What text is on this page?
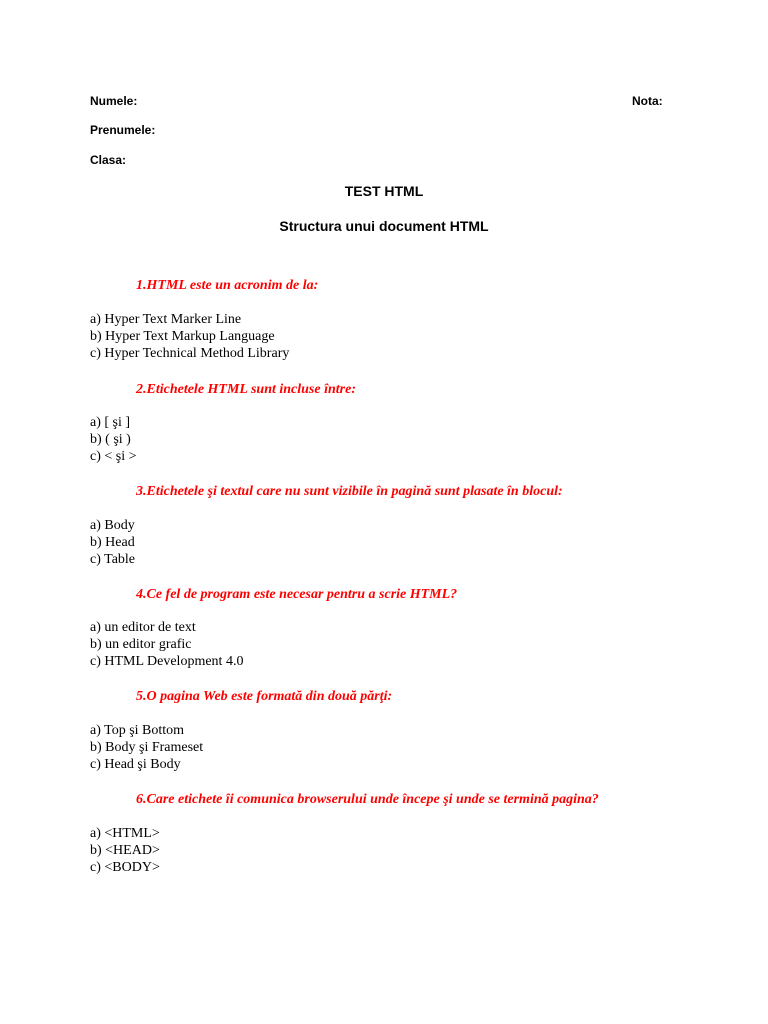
Numele:	Nota:
Prenumele:
Clasa:
TEST HTML
Structura unui document HTML
1.HTML este un acronim de la:
a) Hyper Text Marker Line
b) Hyper Text Markup Language
c) Hyper Technical Method Library
2.Etichetele HTML sunt incluse între:
a) [ şi ]
b) ( şi )
c) < şi >
3.Etichetele şi textul care nu sunt vizibile în pagină sunt plasate în blocul:
a) Body
b) Head
c) Table
4.Ce fel de program este necesar pentru a scrie HTML?
a) un editor de text
b) un editor grafic
c) HTML Development 4.0
5.O pagina Web este formată din două părţi:
a) Top şi Bottom
b) Body şi Frameset
c) Head şi Body
6.Care etichete îi comunica browserului unde începe şi unde se termină pagina?
a) <HTML>
b) <HEAD>
c) <BODY>
